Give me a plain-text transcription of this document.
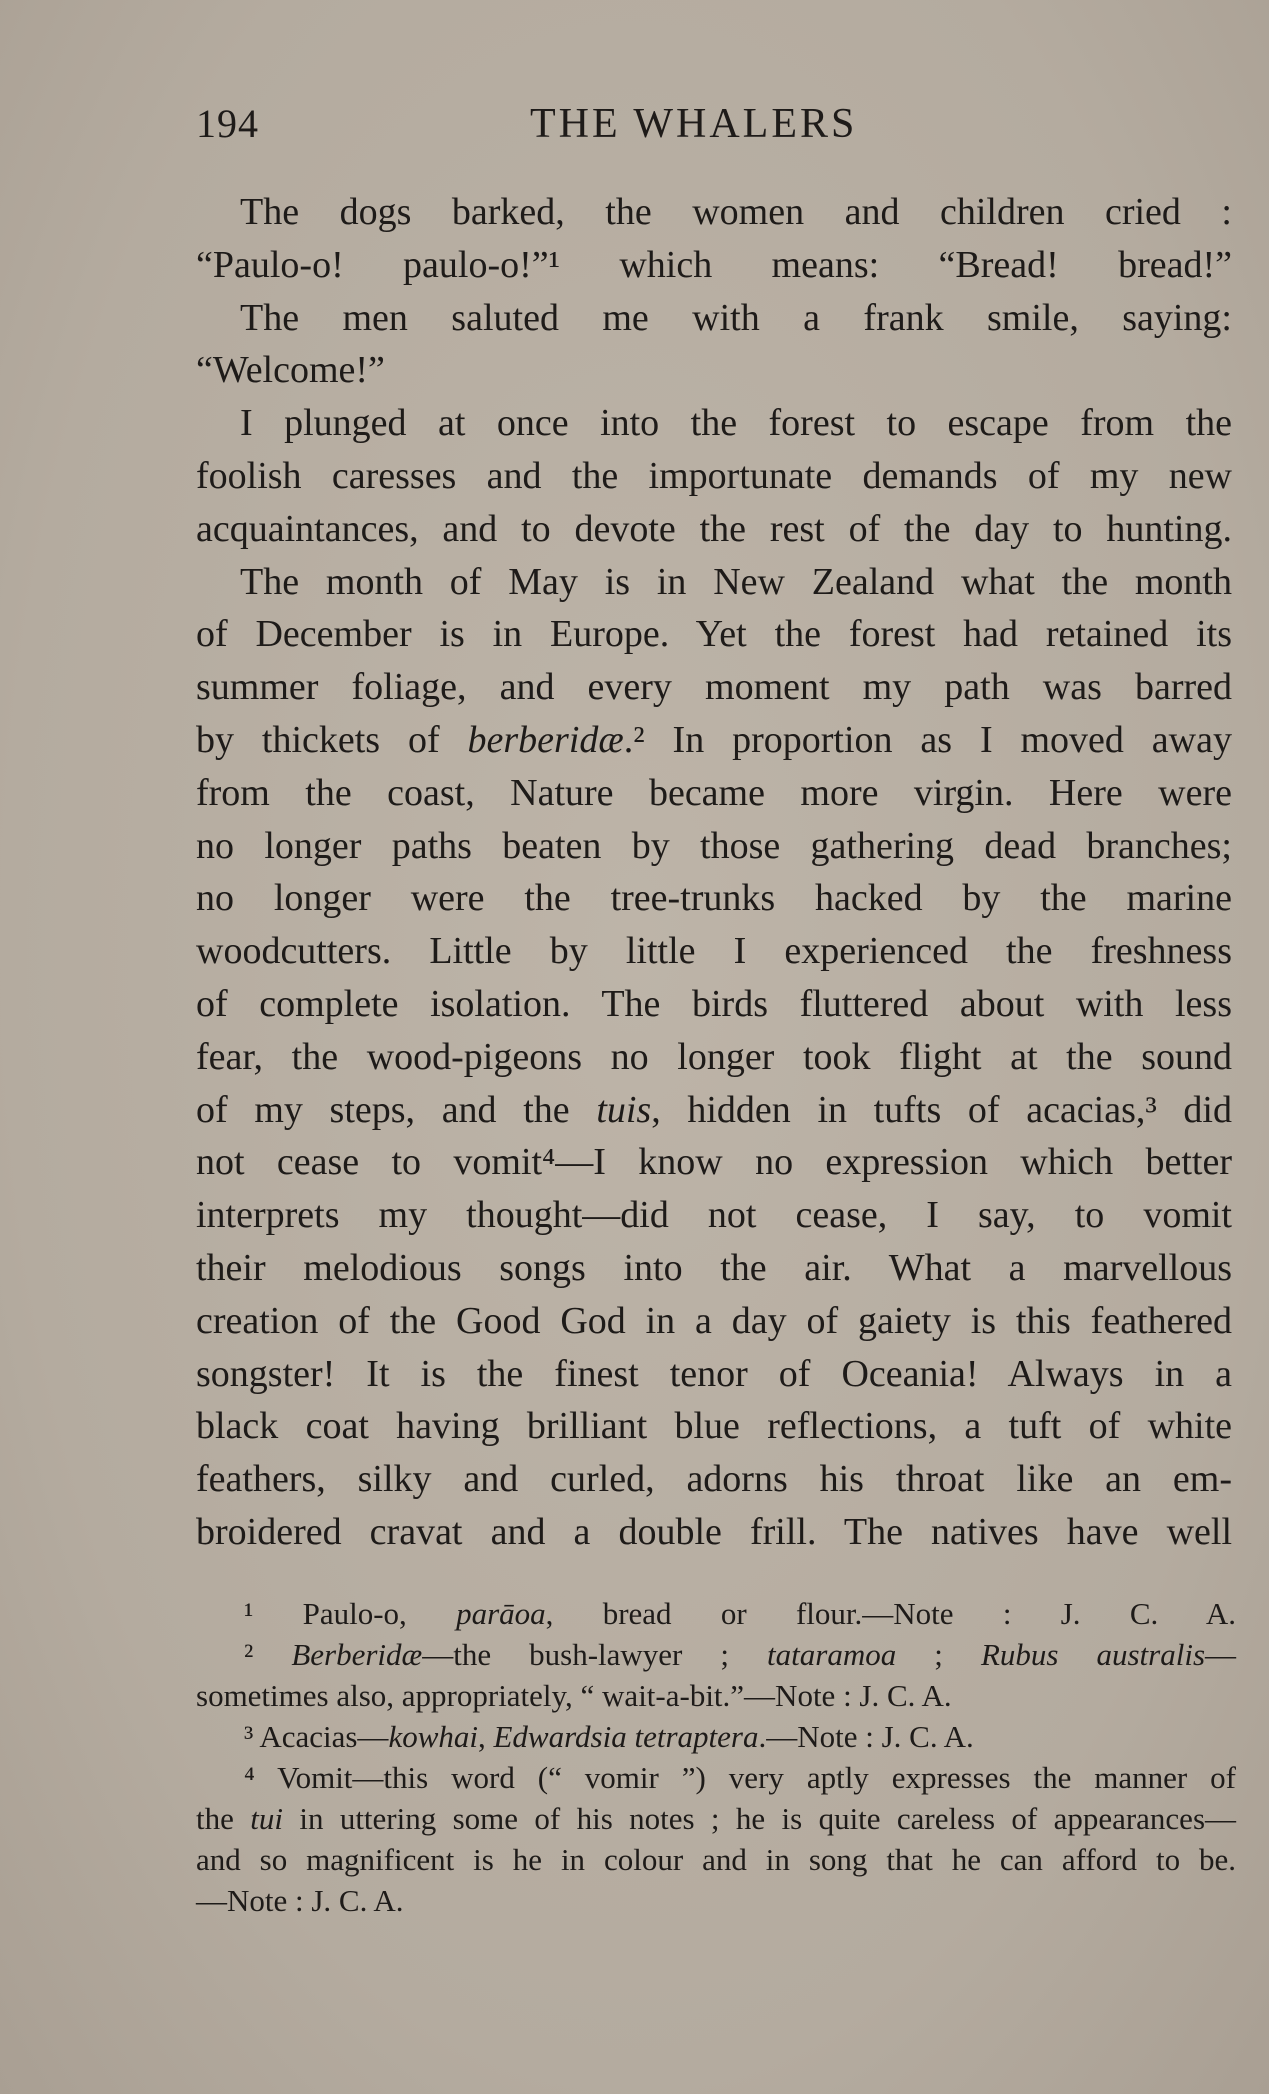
194	THE WHALERS
The dogs barked, the women and children cried :
“Paulo-o! paulo-o!”¹ which means: “Bread! bread!”
The men saluted me with a frank smile, saying:
“Welcome!”
I plunged at once into the forest to escape from the
foolish caresses and the importunate demands of my new
acquaintances, and to devote the rest of the day to hunting.
The month of May is in New Zealand what the month
of December is in Europe. Yet the forest had retained its
summer foliage, and every moment my path was barred
by thickets of berberidæ.² In proportion as I moved away
from the coast, Nature became more virgin. Here were
no longer paths beaten by those gathering dead branches;
no longer were the tree-trunks hacked by the marine
woodcutters. Little by little I experienced the freshness
of complete isolation. The birds fluttered about with less
fear, the wood-pigeons no longer took flight at the sound
of my steps, and the tuis, hidden in tufts of acacias,³ did
not cease to vomit⁴—I know no expression which better
interprets my thought—did not cease, I say, to vomit
their melodious songs into the air. What a marvellous
creation of the Good God in a day of gaiety is this feathered
songster! It is the finest tenor of Oceania! Always in a
black coat having brilliant blue reflections, a tuft of white
feathers, silky and curled, adorns his throat like an em-
broidered cravat and a double frill. The natives have well
¹ Paulo-o, parāoa, bread or flour.—Note : J. C. A.
² Berberidæ—the bush-lawyer ; tataramoa ; Rubus australis—
sometimes also, appropriately, “ wait-a-bit.”—Note : J. C. A.
³ Acacias—kowhai, Edwardsia tetraptera.—Note : J. C. A.
⁴ Vomit—this word (“ vomir ”) very aptly expresses the manner of
the tui in uttering some of his notes ; he is quite careless of appearances—
and so magnificent is he in colour and in song that he can afford to be.
—Note : J. C. A.
